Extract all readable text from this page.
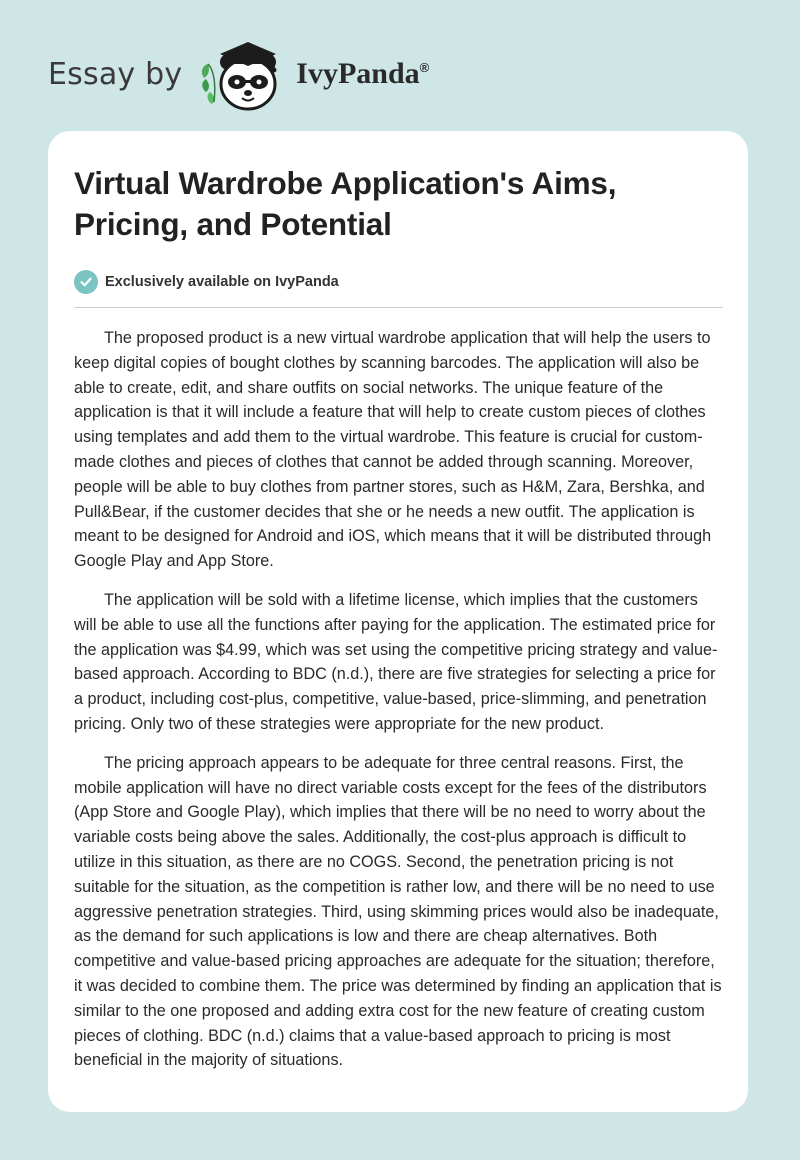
Essay by	IvyPanda®
Virtual Wardrobe Application's Aims, Pricing, and Potential
Exclusively available on IvyPanda

The proposed product is a new virtual wardrobe application that will help the users to keep digital copies of bought clothes by scanning barcodes. The application will also be able to create, edit, and share outfits on social networks. The unique feature of the application is that it will include a feature that will help to create custom pieces of clothes using templates and add them to the virtual wardrobe. This feature is crucial for custom-made clothes and pieces of clothes that cannot be added through scanning. Moreover, people will be able to buy clothes from partner stores, such as H&M, Zara, Bershka, and Pull&Bear, if the customer decides that she or he needs a new outfit. The application is meant to be designed for Android and iOS, which means that it will be distributed through Google Play and App Store.

The application will be sold with a lifetime license, which implies that the customers will be able to use all the functions after paying for the application. The estimated price for the application was $4.99, which was set using the competitive pricing strategy and value-based approach. According to BDC (n.d.), there are five strategies for selecting a price for a product, including cost-plus, competitive, value-based, price-slimming, and penetration pricing. Only two of these strategies were appropriate for the new product.

The pricing approach appears to be adequate for three central reasons. First, the mobile application will have no direct variable costs except for the fees of the distributors (App Store and Google Play), which implies that there will be no need to worry about the variable costs being above the sales. Additionally, the cost-plus approach is difficult to utilize in this situation, as there are no COGS. Second, the penetration pricing is not suitable for the situation, as the competition is rather low, and there will be no need to use aggressive penetration strategies. Third, using skimming prices would also be inadequate, as the demand for such applications is low and there are cheap alternatives. Both competitive and value-based pricing approaches are adequate for the situation; therefore, it was decided to combine them. The price was determined by finding an application that is similar to the one proposed and adding extra cost for the new feature of creating custom pieces of clothing. BDC (n.d.) claims that a value-based approach to pricing is most beneficial in the majority of situations.
